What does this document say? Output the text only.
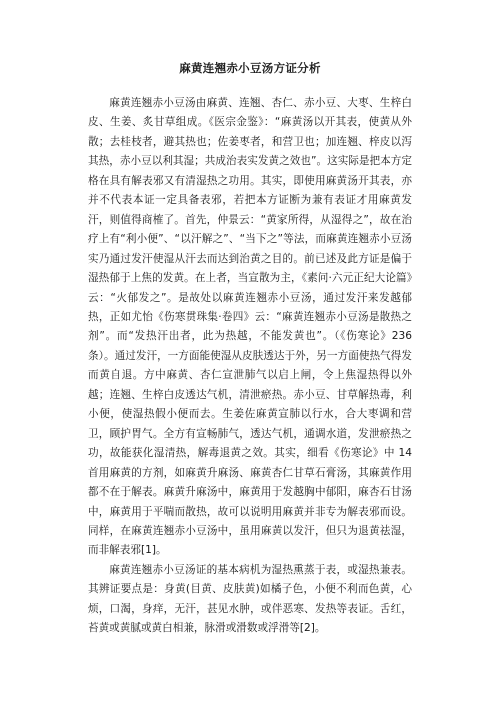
麻黄连翘赤小豆汤方证分析

麻黄连翘赤小豆汤由麻黄、连翘、杏仁、赤小豆、大枣、生梓白皮、生姜、炙甘草组成。《医宗金鉴》：“麻黄汤以开其表，使黄从外散；去桂枝者，避其热也；佐姜枣者，和营卫也；加连翘、梓皮以泻其热，赤小豆以利其湿；共成治表实发黄之效也”。这实际是把本方定格在具有解表邪又有清湿热之功用。其实，即使用麻黄汤开其表，亦并不代表本证一定具备表邪，若把本方证断为兼有表证才用麻黄发汗，则值得商榷了。首先，仲景云：“黄家所得，从湿得之”，故在治疗上有“利小便”、“以汗解之”、“当下之”等法，而麻黄连翘赤小豆汤实乃通过发汗使湿从汗去而达到治黄之目的。前已述及此方证是偏于湿热郁于上焦的发黄。在上者，当宣散为主，《素问·六元正纪大论篇》云：“火郁发之”。是故处以麻黄连翘赤小豆汤，通过发汗来发越郁热，正如尤怡《伤寒贯珠集·卷四》云：“麻黄连翘赤小豆汤是散热之剂”。而“发热汗出者，此为热越，不能发黄也”。（《伤寒论》236 条）。通过发汗，一方面能使湿从皮肤透达于外，另一方面使热气得发而黄自退。方中麻黄、杏仁宣泄肺气以启上闸，令上焦湿热得以外越；连翘、生梓白皮透达气机，清泄瘀热。赤小豆、甘草解热毒，利小便，使湿热假小便而去。生姜佐麻黄宣肺以行水，合大枣调和营卫，顾护胃气。全方有宣畅肺气，透达气机，通调水道，发泄瘀热之功，故能获化湿清热，解毒退黄之效。其实，细看《伤寒论》中 14 首用麻黄的方剂，如麻黄升麻汤、麻黄杏仁甘草石膏汤，其麻黄作用都不在于解表。麻黄升麻汤中，麻黄用于发越胸中郁阳，麻杏石甘汤中，麻黄用于平喘而散热，故可以说明用麻黄并非专为解表邪而设。同样，在麻黄连翘赤小豆汤中，虽用麻黄以发汗，但只为退黄祛湿，而非解表邪[1]。

麻黄连翘赤小豆汤证的基本病机为湿热熏蒸于表，或湿热兼表。其辨证要点是：身黄(目黄、皮肤黄)如橘子色，小便不利而色黄，心烦，口渴，身痒，无汗，甚见水肿，或伴恶寒、发热等表证。舌红，苔黄或黄腻或黄白相兼，脉滑或滑数或浮滑等[2]。
